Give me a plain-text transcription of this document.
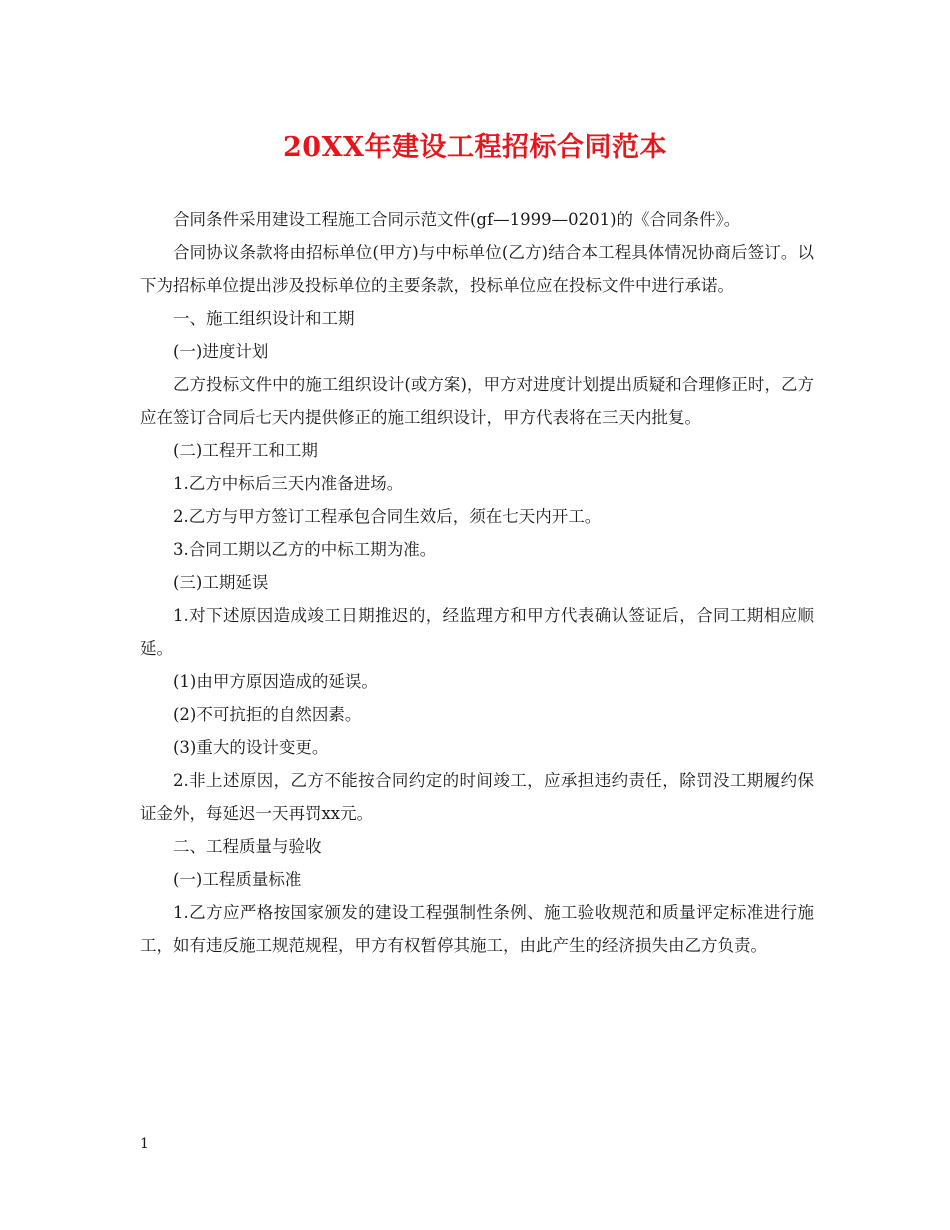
20XX年建设工程招标合同范本

合同条件采用建设工程施工合同示范文件(gf—1999—0201)的《合同条件》。

合同协议条款将由招标单位(甲方)与中标单位(乙方)结合本工程具体情况协商后签订。以下为招标单位提出涉及投标单位的主要条款，投标单位应在投标文件中进行承诺。

一、施工组织设计和工期

(一)进度计划

乙方投标文件中的施工组织设计(或方案)，甲方对进度计划提出质疑和合理修正时，乙方应在签订合同后七天内提供修正的施工组织设计，甲方代表将在三天内批复。

(二)工程开工和工期

1.乙方中标后三天内准备进场。

2.乙方与甲方签订工程承包合同生效后，须在七天内开工。

3.合同工期以乙方的中标工期为准。

(三)工期延误

1.对下述原因造成竣工日期推迟的，经监理方和甲方代表确认签证后，合同工期相应顺延。

(1)由甲方原因造成的延误。

(2)不可抗拒的自然因素。

(3)重大的设计变更。

2.非上述原因，乙方不能按合同约定的时间竣工，应承担违约责任，除罚没工期履约保证金外，每延迟一天再罚xx元。

二、工程质量与验收

(一)工程质量标准

1.乙方应严格按国家颁发的建设工程强制性条例、施工验收规范和质量评定标准进行施工，如有违反施工规范规程，甲方有权暂停其施工，由此产生的经济损失由乙方负责。

1
